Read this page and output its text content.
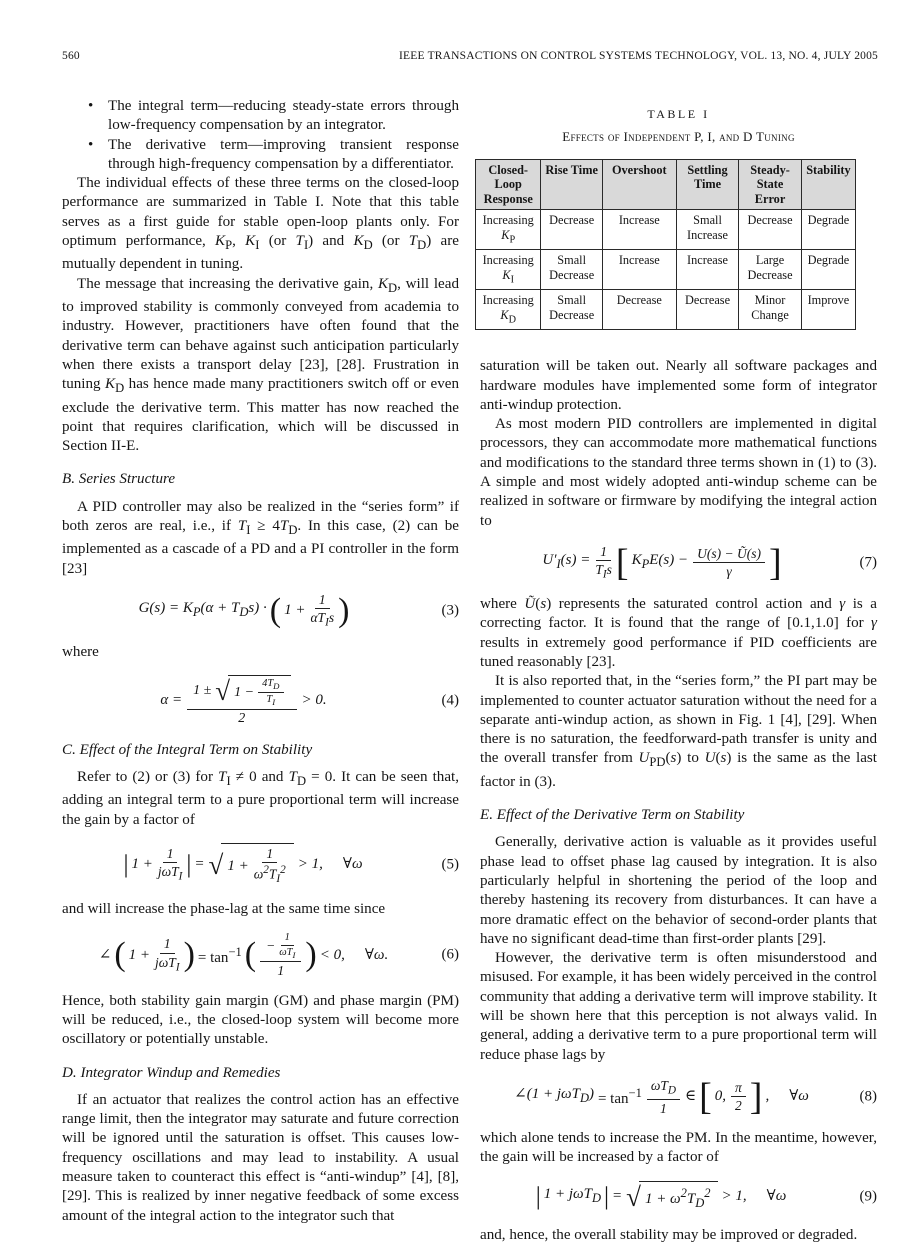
560	IEEE TRANSACTIONS ON CONTROL SYSTEMS TECHNOLOGY, VOL. 13, NO. 4, JULY 2005
• The integral term—reducing steady-state errors through low-frequency compensation by an integrator.
• The derivative term—improving transient response through high-frequency compensation by a differentiator.

The individual effects of these three terms on the closed-loop performance are summarized in Table I. Note that this table serves as a first guide for stable open-loop plants only. For optimum performance, $K_P$, $K_I$ (or $T_I$) and $K_D$ (or $T_D$) are mutually dependent in tuning.

The message that increasing the derivative gain, $K_D$, will lead to improved stability is commonly conveyed from academia to industry. However, practitioners have often found that the derivative term can behave against such anticipation particularly when there exists a transport delay [23], [28]. Frustration in tuning $K_D$ has hence made many practitioners switch off or even exclude the derivative term. This matter has now reached the point that requires clarification, which will be discussed in Section II-E.

B. Series Structure

A PID controller may also be realized in the “series form” if both zeros are real, i.e., if $T_I \ge 4T_D$. In this case, (2) can be implemented as a cascade of a PD and a PI controller in the form [23]

$G(s) = K_P(\alpha + T_Ds)$ · ( $1 + \frac{1}{\alpha T_Is}$ )	(3)

where

α =
1 ± √ $1 - \frac{4T_D}{T_I}$
2
> 0.	(4)
C. Effect of the Integral Term on Stability

Refer to (2) or (3) for $T_I \ne 0$ and $T_D = 0$. It can be seen that, adding an integral term to a pure proportional term will increase the gain by a factor of

| $1 + \frac{1}{j\omega T_I}$ | = √ $1 + \frac{1}{\omega^2T_I^2} > 1$, ∀ω	(5)

and will increase the phase-lag at the same time since

∠ ( $1 + \frac{1}{j\omega T_I}$ ) = $\tan^{-1}$ ( $\frac{- \frac{1}{\omega T_I}}{1}$ ) < 0, ∀ω.	(6)

Hence, both stability gain margin (GM) and phase margin (PM) will be reduced, i.e., the closed-loop system will become more oscillatory or potentially unstable.

D. Integrator Windup and Remedies

If an actuator that realizes the control action has an effective range limit, then the integrator may saturate and future correction will be ignored until the saturation is offset. This causes low-frequency oscillations and may lead to instability. A usual measure taken to counteract this effect is “anti-windup” [4], [8], [29]. This is realized by inner negative feedback of some excess amount of the integral action to the integrator such that

TABLE I
Effects of Independent P, I, and D Tuning
Closed-Loop Response	Rise Time	Overshoot	Settling Time	Steady-State Error	Stability
Increasing $K_P$	Decrease	Increase	Small Increase	Decrease	Degrade
Increasing $K_I$	Small Decrease	Increase	Increase	Large Decrease	Degrade
Increasing $K_D$	Small Decrease	Decrease	Decrease	Minor Change	Improve

saturation will be taken out. Nearly all software packages and hardware modules have implemented some form of integrator anti-windup protection.

As most modern PID controllers are implemented in digital processors, they can accommodate more mathematical functions and modifications to the standard three terms shown in (1) to (3). A simple and most widely adopted anti-windup scheme can be realized in software or firmware by modifying the integral action to

$U'_I(s) = \frac{1}{T_Is}$ [ $K_PE(s) - \frac{U(s) - Ũ(s)}{\gamma}$ ]	(7)

where Ũ(s) represents the saturated control action and γ is a correcting factor. It is found that the range of [0.1,1.0] for γ results in extremely good performance if PID coefficients are tuned reasonably [23].

It is also reported that, in the “series form,” the PI part may be implemented to counter actuator saturation without the need for a separate anti-windup action, as shown in Fig. 1 [4], [29]. When there is no saturation, the feedforward-path transfer is unity and the overall transfer from $U_{PD}(s)$ to U(s) is the same as the last factor in (3).

E. Effect of the Derivative Term on Stability

Generally, derivative action is valuable as it provides useful phase lead to offset phase lag caused by integration. It is also particularly helpful in shortening the period of the loop and thereby hastening its recovery from disturbances. It can have a more dramatic effect on the behavior of second-order plants that have no significant dead-time than first-order plants [29].

However, the derivative term is often misunderstood and misused. For example, it has been widely perceived in the control community that adding a derivative term will improve stability. It will be shown here that this perception is not always valid. In general, adding a derivative term to a pure proportional term will reduce phase lags by

∠(1 + $j\omega T_D) = \tan^{-1} \frac{\omega T_D}{1}$ ∈ [ 0, $\frac{\pi}{2}$ ] , ∀ω	(8)

which alone tends to increase the PM. In the meantime, however, the gain will be increased by a factor of

| 1 + jωT$_D$ | = √ $1 + \omega^2T_D^2 > 1$, ∀ω	(9)

and, hence, the overall stability may be improved or degraded.
